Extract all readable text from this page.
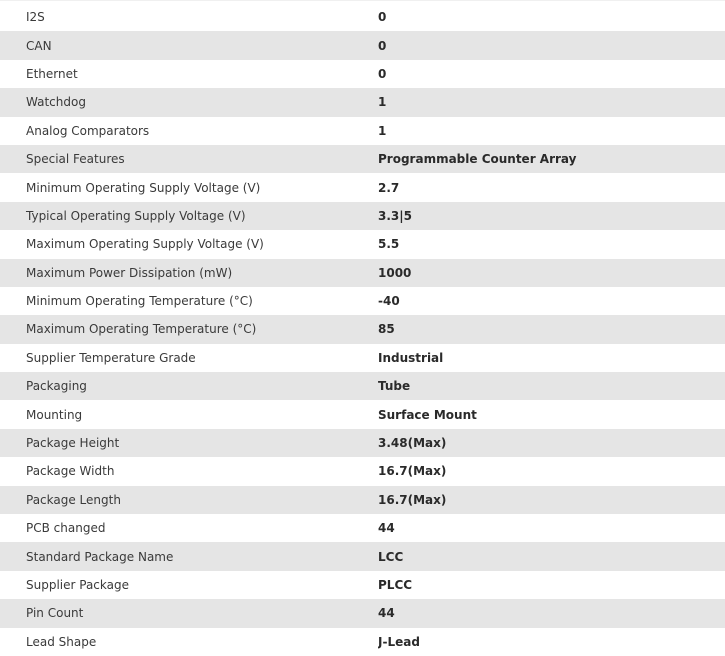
I2S	0
CAN	0
Ethernet	0
Watchdog	1
Analog Comparators	1
Special Features	Programmable Counter Array
Minimum Operating Supply Voltage (V)	2.7
Typical Operating Supply Voltage (V)	3.3|5
Maximum Operating Supply Voltage (V)	5.5
Maximum Power Dissipation (mW)	1000
Minimum Operating Temperature (°C)	-40
Maximum Operating Temperature (°C)	85
Supplier Temperature Grade	Industrial
Packaging	Tube
Mounting	Surface Mount
Package Height	3.48(Max)
Package Width	16.7(Max)
Package Length	16.7(Max)
PCB changed	44
Standard Package Name	LCC
Supplier Package	PLCC
Pin Count	44
Lead Shape	J-Lead
